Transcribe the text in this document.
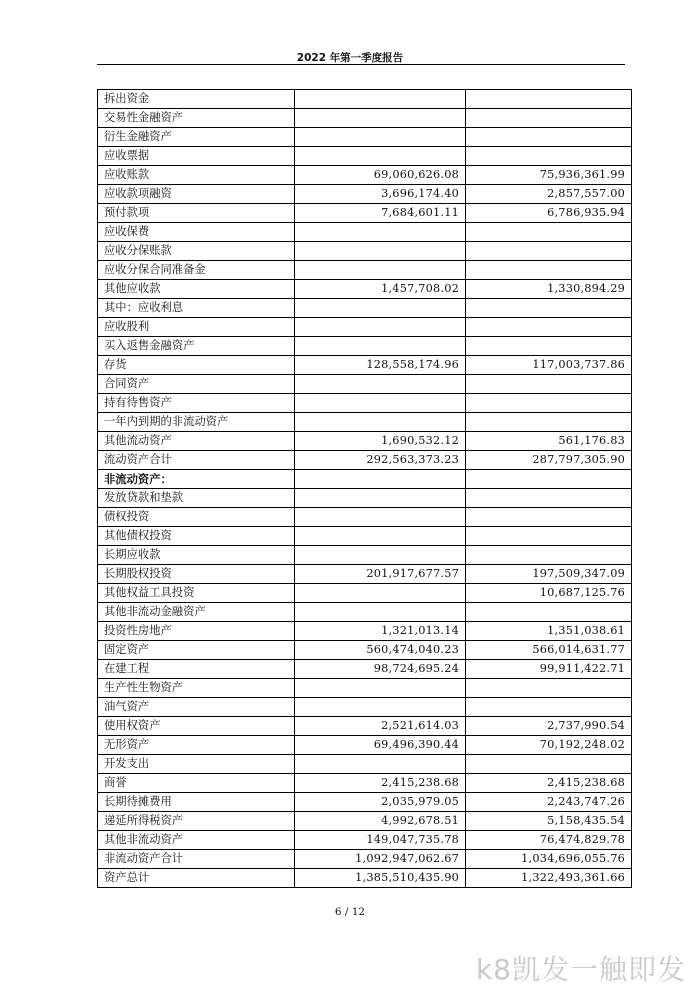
2022 年第一季度报告
拆出资金		
交易性金融资产		
衍生金融资产		
应收票据		
应收账款	69,060,626.08	75,936,361.99
应收款项融资	3,696,174.40	2,857,557.00
预付款项	7,684,601.11	6,786,935.94
应收保费		
应收分保账款		
应收分保合同准备金		
其他应收款	1,457,708.02	1,330,894.29
其中：应收利息		
应收股利		
买入返售金融资产		
存货	128,558,174.96	117,003,737.86
合同资产		
持有待售资产		
一年内到期的非流动资产		
其他流动资产	1,690,532.12	561,176.83
流动资产合计	292,563,373.23	287,797,305.90
非流动资产：		
发放贷款和垫款		
债权投资		
其他债权投资		
长期应收款		
长期股权投资	201,917,677.57	197,509,347.09
其他权益工具投资		10,687,125.76
其他非流动金融资产		
投资性房地产	1,321,013.14	1,351,038.61
固定资产	560,474,040.23	566,014,631.77
在建工程	98,724,695.24	99,911,422.71
生产性生物资产		
油气资产		
使用权资产	2,521,614.03	2,737,990.54
无形资产	69,496,390.44	70,192,248.02
开发支出		
商誉	2,415,238.68	2,415,238.68
长期待摊费用	2,035,979.05	2,243,747.26
递延所得税资产	4,992,678.51	5,158,435.54
其他非流动资产	149,047,735.78	76,474,829.78
非流动资产合计	1,092,947,062.67	1,034,696,055.76
资产总计	1,385,510,435.90	1,322,493,361.66
6 / 12
k8凯发一触即发
